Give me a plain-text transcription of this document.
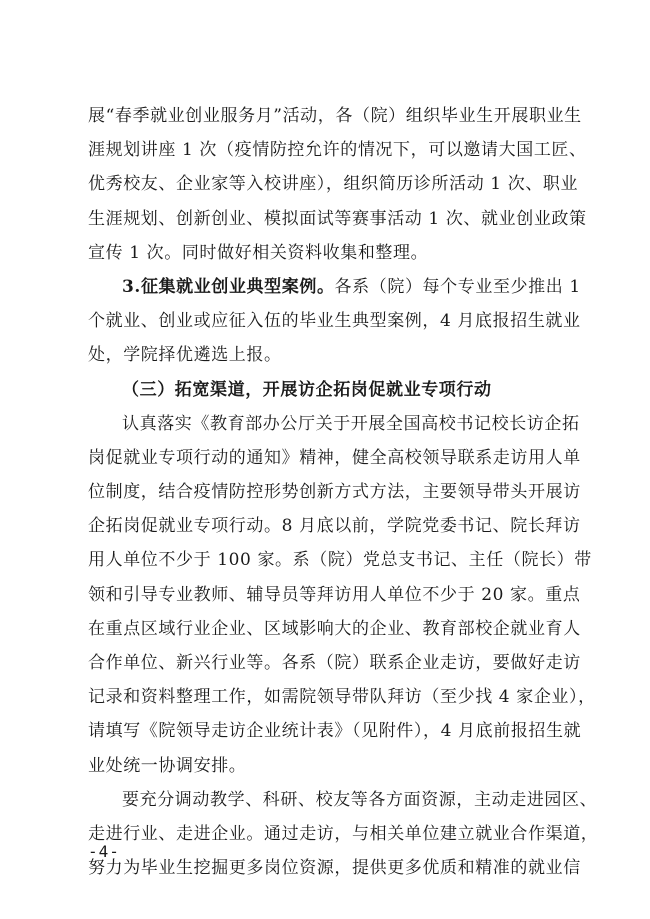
展“春季就业创业服务月”活动，各（院）组织毕业生开展职业生
涯规划讲座 1 次（疫情防控允许的情况下，可以邀请大国工匠、
优秀校友、企业家等入校讲座），组织简历诊所活动 1 次、职业
生涯规划、创新创业、模拟面试等赛事活动 1 次、就业创业政策
宣传 1 次。同时做好相关资料收集和整理。
3.征集就业创业典型案例。各系（院）每个专业至少推出 1
个就业、创业或应征入伍的毕业生典型案例，4 月底报招生就业
处，学院择优遴选上报。
（三）拓宽渠道，开展访企拓岗促就业专项行动
认真落实《教育部办公厅关于开展全国高校书记校长访企拓
岗促就业专项行动的通知》精神，健全高校领导联系走访用人单
位制度，结合疫情防控形势创新方式方法，主要领导带头开展访
企拓岗促就业专项行动。8 月底以前，学院党委书记、院长拜访
用人单位不少于 100 家。系（院）党总支书记、主任（院长）带
领和引导专业教师、辅导员等拜访用人单位不少于 20 家。重点
在重点区域行业企业、区域影响大的企业、教育部校企就业育人
合作单位、新兴行业等。各系（院）联系企业走访，要做好走访
记录和资料整理工作，如需院领导带队拜访（至少找 4 家企业），
请填写《院领导走访企业统计表》（见附件），4 月底前报招生就
业处统一协调安排。
要充分调动教学、科研、校友等各方面资源，主动走进园区、
走进行业、走进企业。通过走访，与相关单位建立就业合作渠道，
努力为毕业生挖掘更多岗位资源，提供更多优质和精准的就业信
-4-
